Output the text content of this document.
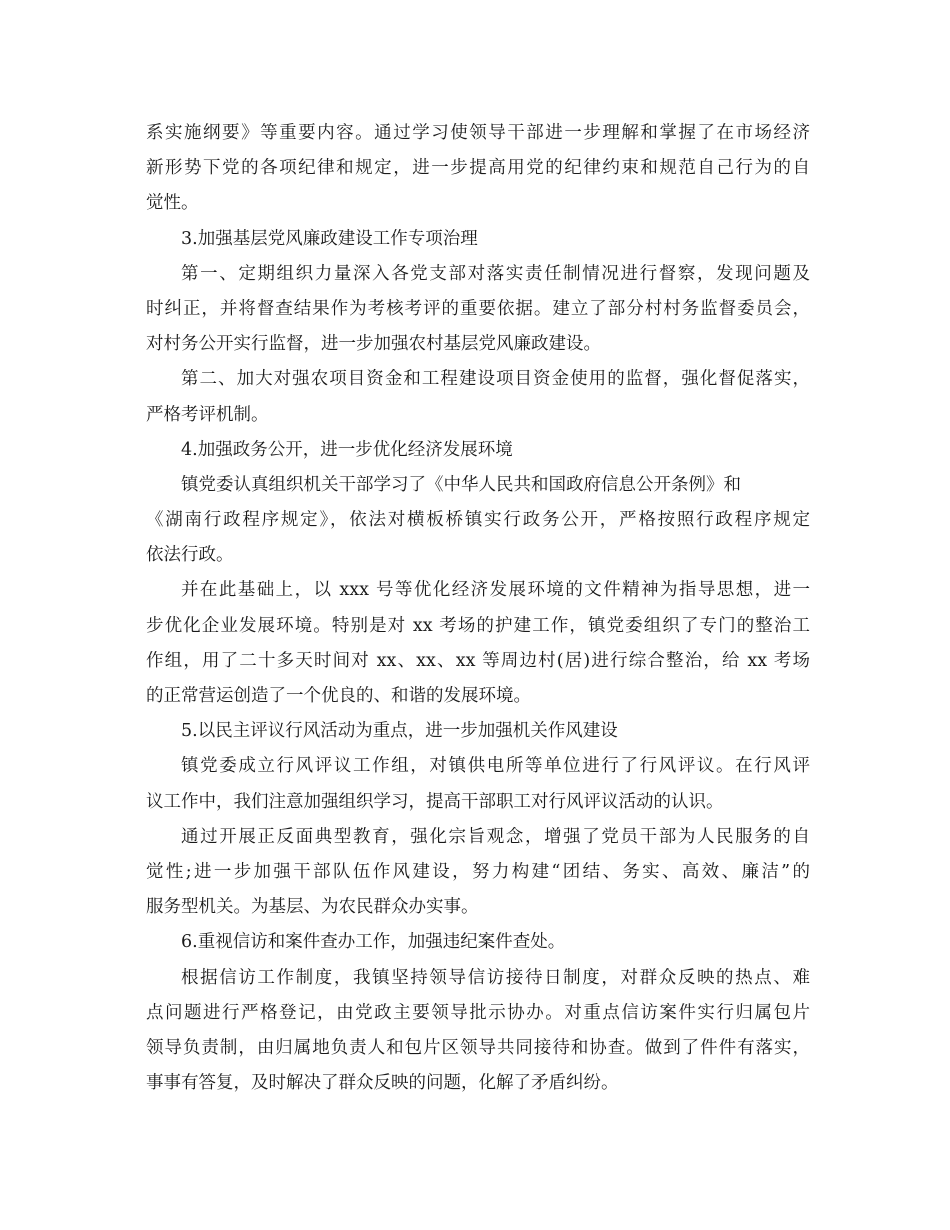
系实施纲要》等重要内容。通过学习使领导干部进一步理解和掌握了在市场经济
新形势下党的各项纪律和规定，进一步提高用党的纪律约束和规范自己行为的自
觉性。
3.加强基层党风廉政建设工作专项治理
第一、定期组织力量深入各党支部对落实责任制情况进行督察，发现问题及
时纠正，并将督查结果作为考核考评的重要依据。建立了部分村村务监督委员会，
对村务公开实行监督，进一步加强农村基层党风廉政建设。
第二、加大对强农项目资金和工程建设项目资金使用的监督，强化督促落实，
严格考评机制。
4.加强政务公开，进一步优化经济发展环境
镇党委认真组织机关干部学习了《中华人民共和国政府信息公开条例》和
《湖南行政程序规定》，依法对横板桥镇实行政务公开，严格按照行政程序规定
依法行政。
并在此基础上，以 xxx 号等优化经济发展环境的文件精神为指导思想，进一
步优化企业发展环境。特别是对 xx 考场的护建工作，镇党委组织了专门的整治工
作组，用了二十多天时间对 xx、xx、xx 等周边村(居)进行综合整治，给 xx 考场
的正常营运创造了一个优良的、和谐的发展环境。
5.以民主评议行风活动为重点，进一步加强机关作风建设
镇党委成立行风评议工作组，对镇供电所等单位进行了行风评议。在行风评
议工作中，我们注意加强组织学习，提高干部职工对行风评议活动的认识。
通过开展正反面典型教育，强化宗旨观念，增强了党员干部为人民服务的自
觉性;进一步加强干部队伍作风建设，努力构建“团结、务实、高效、廉洁”的
服务型机关。为基层、为农民群众办实事。
6.重视信访和案件查办工作，加强违纪案件查处。
根据信访工作制度，我镇坚持领导信访接待日制度，对群众反映的热点、难
点问题进行严格登记，由党政主要领导批示协办。对重点信访案件实行归属包片
领导负责制，由归属地负责人和包片区领导共同接待和协查。做到了件件有落实，
事事有答复，及时解决了群众反映的问题，化解了矛盾纠纷。
